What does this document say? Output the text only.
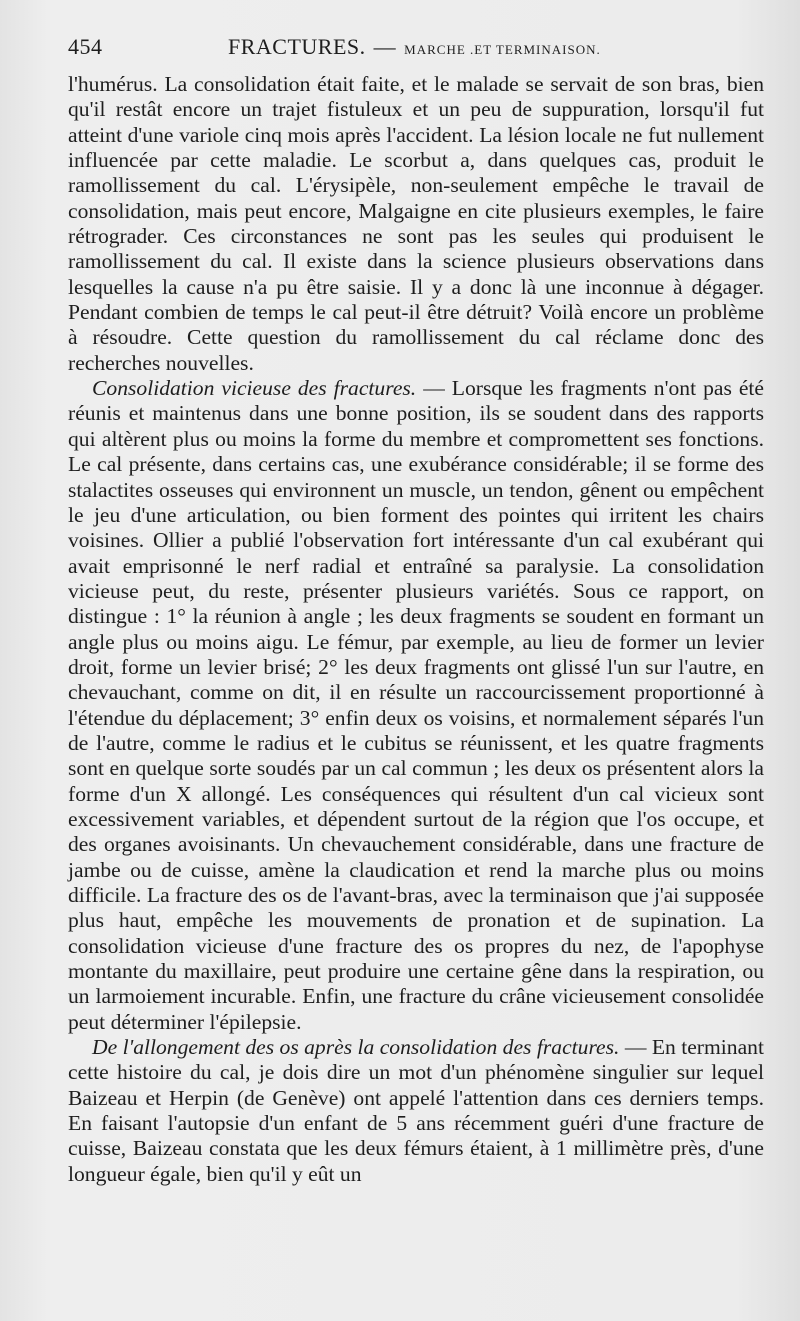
454	FRACTURES. — MARCHE .ET TERMINAISON.

l'humérus. La consolidation était faite, et le malade se servait de son bras, bien qu'il restât encore un trajet fistuleux et un peu de suppuration, lorsqu'il fut atteint d'une variole cinq mois après l'accident. La lésion locale ne fut nullement influencée par cette maladie. Le scorbut a, dans quelques cas, produit le ramollissement du cal. L'érysipèle, non-seulement empêche le travail de consolidation, mais peut encore, Malgaigne en cite plusieurs exemples, le faire rétrograder. Ces circonstances ne sont pas les seules qui produisent le ramollissement du cal. Il existe dans la science plusieurs observations dans lesquelles la cause n'a pu être saisie. Il y a donc là une inconnue à dégager. Pendant combien de temps le cal peut-il être détruit? Voilà encore un problème à résoudre. Cette question du ramollissement du cal réclame donc des recherches nouvelles.

Consolidation vicieuse des fractures. — Lorsque les fragments n'ont pas été réunis et maintenus dans une bonne position, ils se soudent dans des rapports qui altèrent plus ou moins la forme du membre et compromettent ses fonctions. Le cal présente, dans certains cas, une exubérance considérable; il se forme des stalactites osseuses qui environnent un muscle, un tendon, gênent ou empêchent le jeu d'une articulation, ou bien forment des pointes qui irritent les chairs voisines. Ollier a publié l'observation fort intéressante d'un cal exubérant qui avait emprisonné le nerf radial et entraîné sa paralysie. La consolidation vicieuse peut, du reste, présenter plusieurs variétés. Sous ce rapport, on distingue : 1° la réunion à angle ; les deux fragments se soudent en formant un angle plus ou moins aigu. Le fémur, par exemple, au lieu de former un levier droit, forme un levier brisé; 2° les deux fragments ont glissé l'un sur l'autre, en chevauchant, comme on dit, il en résulte un raccourcissement proportionné à l'étendue du déplacement; 3° enfin deux os voisins, et normalement séparés l'un de l'autre, comme le radius et le cubitus se réunissent, et les quatre fragments sont en quelque sorte soudés par un cal commun ; les deux os présentent alors la forme d'un X allongé. Les conséquences qui résultent d'un cal vicieux sont excessivement variables, et dépendent surtout de la région que l'os occupe, et des organes avoisinants. Un chevauchement considérable, dans une fracture de jambe ou de cuisse, amène la claudication et rend la marche plus ou moins difficile. La fracture des os de l'avant-bras, avec la terminaison que j'ai supposée plus haut, empêche les mouvements de pronation et de supination. La consolidation vicieuse d'une fracture des os propres du nez, de l'apophyse montante du maxillaire, peut produire une certaine gêne dans la respiration, ou un larmoiement incurable. Enfin, une fracture du crâne vicieusement consolidée peut déterminer l'épilepsie.

De l'allongement des os après la consolidation des fractures. — En terminant cette histoire du cal, je dois dire un mot d'un phénomène singulier sur lequel Baizeau et Herpin (de Genève) ont appelé l'attention dans ces derniers temps. En faisant l'autopsie d'un enfant de 5 ans récemment guéri d'une fracture de cuisse, Baizeau constata que les deux fémurs étaient, à 1 millimètre près, d'une longueur égale, bien qu'il y eût un
